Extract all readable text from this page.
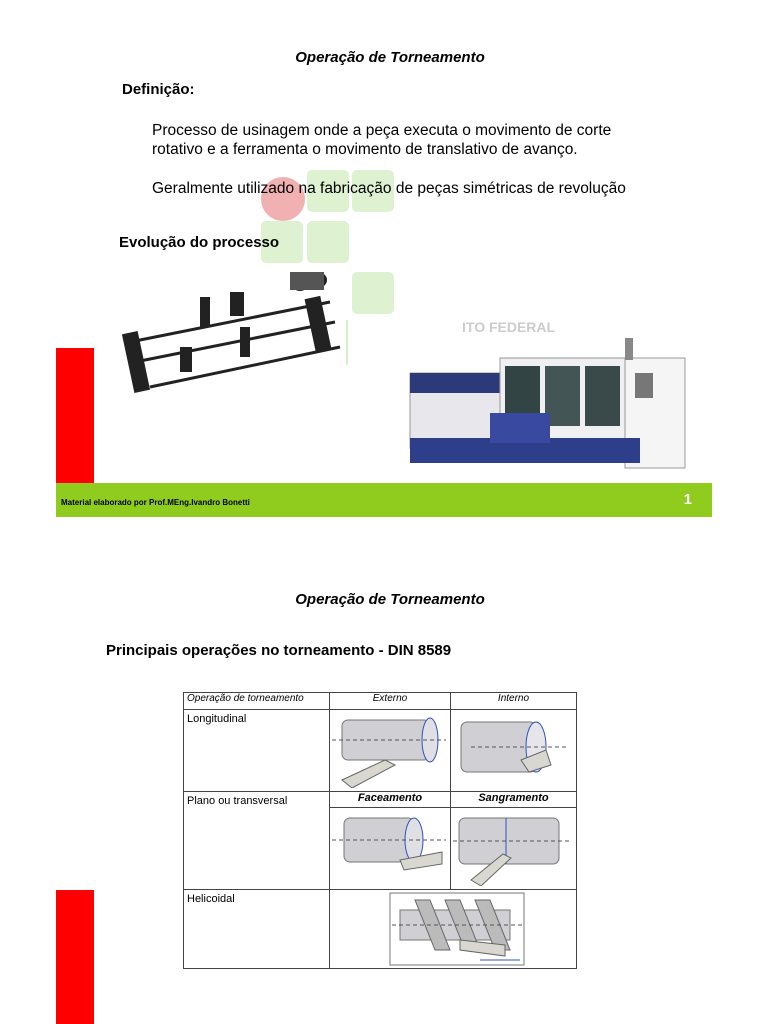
Operação de Torneamento
Definição:
Processo de usinagem onde a peça executa o movimento de corte
rotativo e a ferramenta o movimento de translativo de avanço.
Geralmente utilizado na fabricação de peças simétricas de revolução
Evolução do processo
ITO FEDERAL
Material elaborado por Prof.MEng.Ivandro Bonetti	1
Operação de Torneamento
Principais operações no torneamento - DIN 8589
Operação de torneamento	Externo	Interno
Longitudinal		
Plano ou transversal	Faceamento	Sangramento

Helicoidal	
